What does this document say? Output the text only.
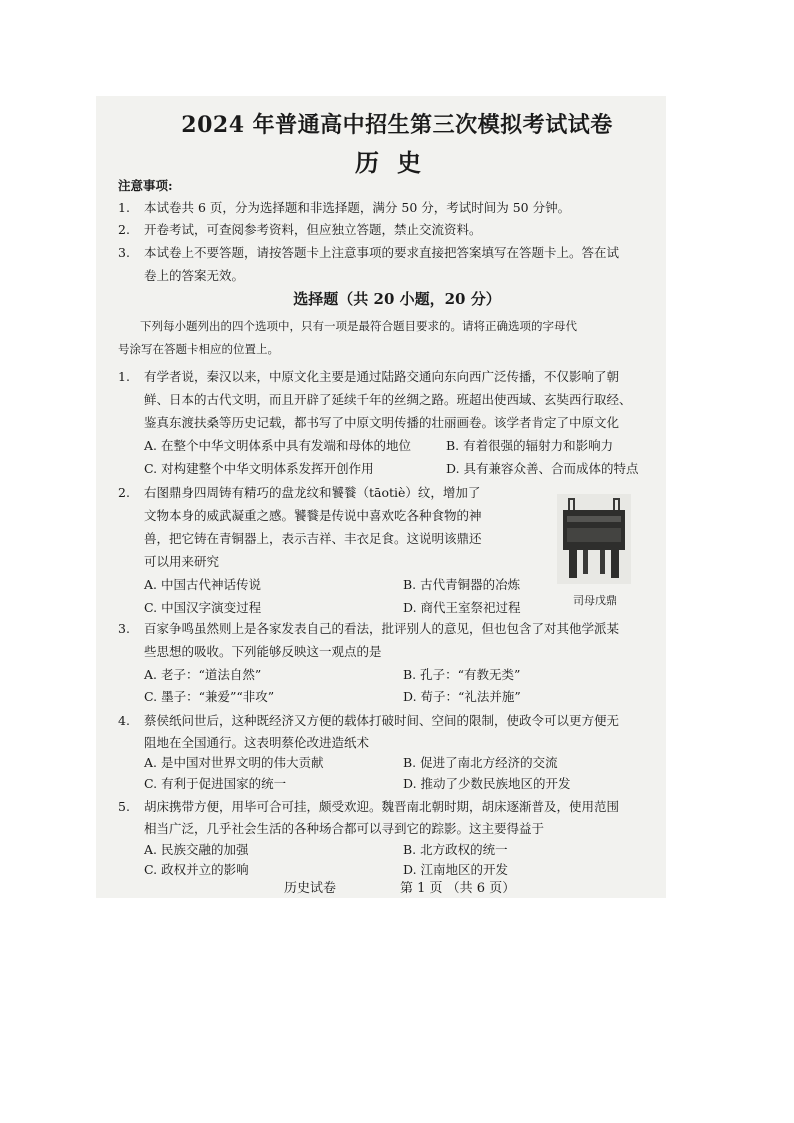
2024 年普通高中招生第三次模拟考试试卷
历史
注意事项:
1. 本试卷共 6 页，分为选择题和非选择题，满分 50 分，考试时间为 50 分钟。
2. 开卷考试，可查阅参考资料，但应独立答题，禁止交流资料。
3. 本试卷上不要答题，请按答题卡上注意事项的要求直接把答案填写在答题卡上。答在试
卷上的答案无效。
选择题（共 20 小题，20 分）
下列每小题列出的四个选项中，只有一项是最符合题目要求的。请将正确选项的字母代
号涂写在答题卡相应的位置上。
1. 有学者说，秦汉以来，中原文化主要是通过陆路交通向东向西广泛传播，不仅影响了朝
鲜、日本的古代文明，而且开辟了延续千年的丝绸之路。班超出使西域、玄奘西行取经、
鉴真东渡扶桑等历史记载，都书写了中原文明传播的壮丽画卷。该学者肯定了中原文化
A. 在整个中华文明体系中具有发端和母体的地位	B. 有着很强的辐射力和影响力
C. 对构建整个中华文明体系发挥开创作用	D. 具有兼容众善、合而成体的特点
2. 右图鼎身四周铸有精巧的盘龙纹和饕餮（tāotiè）纹，增加了
文物本身的威武凝重之感。饕餮是传说中喜欢吃各种食物的神
兽，把它铸在青铜器上，表示吉祥、丰衣足食。这说明该鼎还
可以用来研究
A. 中国古代神话传说	B. 古代青铜器的冶炼
C. 中国汉字演变过程	D. 商代王室祭祀过程	司母戊鼎
3. 百家争鸣虽然则上是各家发表自己的看法，批评别人的意见，但也包含了对其他学派某
些思想的吸收。下列能够反映这一观点的是
A. 老子：“道法自然”	B. 孔子：“有教无类”
C. 墨子：“兼爱”“非攻”	D. 荀子：“礼法并施”
4. 蔡侯纸问世后，这种既经济又方便的载体打破时间、空间的限制，使政令可以更方便无
阻地在全国通行。这表明蔡伦改进造纸术
A. 是中国对世界文明的伟大贡献	B. 促进了南北方经济的交流
C. 有利于促进国家的统一	D. 推动了少数民族地区的开发
5. 胡床携带方便，用毕可合可挂，颇受欢迎。魏晋南北朝时期，胡床逐渐普及，使用范围
相当广泛，几乎社会生活的各种场合都可以寻到它的踪影。这主要得益于
A. 民族交融的加强	B. 北方政权的统一
C. 政权并立的影响	D. 江南地区的开发
历史试卷	第 1 页 （共 6 页）
